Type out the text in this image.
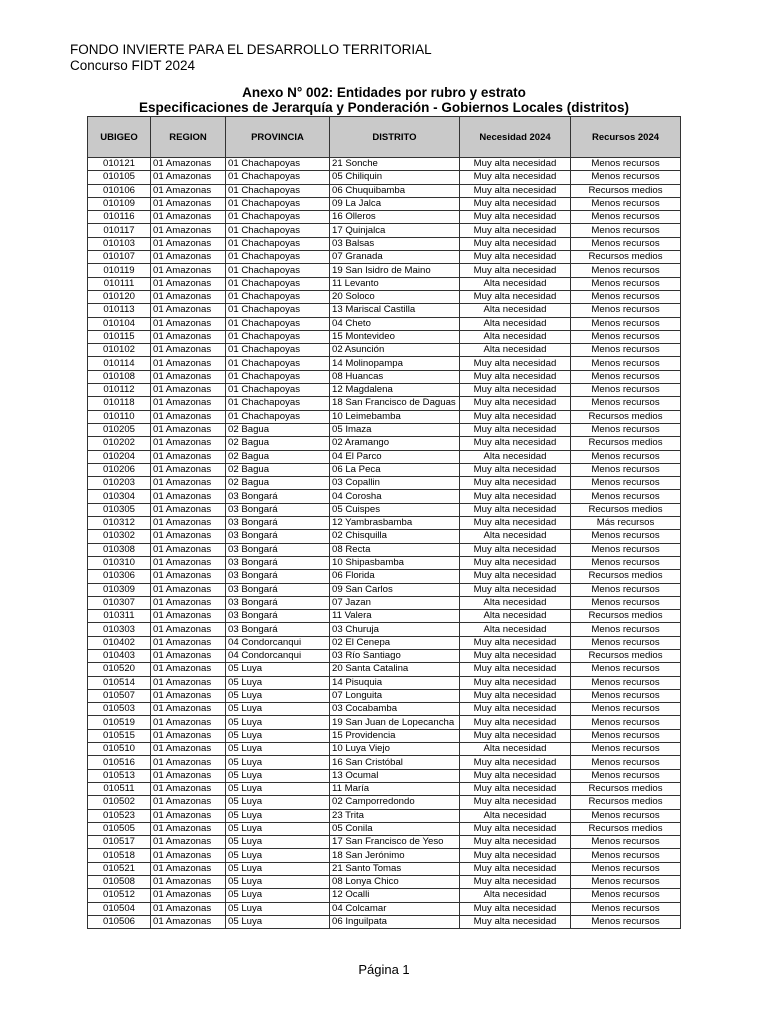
FONDO INVIERTE PARA EL DESARROLLO TERRITORIAL
Concurso FIDT 2024
Anexo N° 002: Entidades por rubro y estrato
Especificaciones de Jerarquía y Ponderación - Gobiernos Locales (distritos)
UBIGEO	REGION	PROVINCIA	DISTRITO	Necesidad 2024	Recursos 2024
010121	01 Amazonas	01 Chachapoyas	21 Sonche	Muy alta necesidad	Menos recursos
010105	01 Amazonas	01 Chachapoyas	05 Chiliquin	Muy alta necesidad	Menos recursos
010106	01 Amazonas	01 Chachapoyas	06 Chuquibamba	Muy alta necesidad	Recursos medios
010109	01 Amazonas	01 Chachapoyas	09 La Jalca	Muy alta necesidad	Menos recursos
010116	01 Amazonas	01 Chachapoyas	16 Olleros	Muy alta necesidad	Menos recursos
010117	01 Amazonas	01 Chachapoyas	17 Quinjalca	Muy alta necesidad	Menos recursos
010103	01 Amazonas	01 Chachapoyas	03 Balsas	Muy alta necesidad	Menos recursos
010107	01 Amazonas	01 Chachapoyas	07 Granada	Muy alta necesidad	Recursos medios
010119	01 Amazonas	01 Chachapoyas	19 San Isidro de Maino	Muy alta necesidad	Menos recursos
010111	01 Amazonas	01 Chachapoyas	11 Levanto	Alta necesidad	Menos recursos
010120	01 Amazonas	01 Chachapoyas	20 Soloco	Muy alta necesidad	Menos recursos
010113	01 Amazonas	01 Chachapoyas	13 Mariscal Castilla	Alta necesidad	Menos recursos
010104	01 Amazonas	01 Chachapoyas	04 Cheto	Alta necesidad	Menos recursos
010115	01 Amazonas	01 Chachapoyas	15 Montevideo	Alta necesidad	Menos recursos
010102	01 Amazonas	01 Chachapoyas	02 Asunción	Alta necesidad	Menos recursos
010114	01 Amazonas	01 Chachapoyas	14 Molinopampa	Muy alta necesidad	Menos recursos
010108	01 Amazonas	01 Chachapoyas	08 Huancas	Muy alta necesidad	Menos recursos
010112	01 Amazonas	01 Chachapoyas	12 Magdalena	Muy alta necesidad	Menos recursos
010118	01 Amazonas	01 Chachapoyas	18 San Francisco de Daguas	Muy alta necesidad	Menos recursos
010110	01 Amazonas	01 Chachapoyas	10 Leimebamba	Muy alta necesidad	Recursos medios
010205	01 Amazonas	02 Bagua	05 Imaza	Muy alta necesidad	Menos recursos
010202	01 Amazonas	02 Bagua	02 Aramango	Muy alta necesidad	Recursos medios
010204	01 Amazonas	02 Bagua	04 El Parco	Alta necesidad	Menos recursos
010206	01 Amazonas	02 Bagua	06 La Peca	Muy alta necesidad	Menos recursos
010203	01 Amazonas	02 Bagua	03 Copallin	Muy alta necesidad	Menos recursos
010304	01 Amazonas	03 Bongará	04 Corosha	Muy alta necesidad	Menos recursos
010305	01 Amazonas	03 Bongará	05 Cuispes	Muy alta necesidad	Recursos medios
010312	01 Amazonas	03 Bongará	12 Yambrasbamba	Muy alta necesidad	Más recursos
010302	01 Amazonas	03 Bongará	02 Chisquilla	Alta necesidad	Menos recursos
010308	01 Amazonas	03 Bongará	08 Recta	Muy alta necesidad	Menos recursos
010310	01 Amazonas	03 Bongará	10 Shipasbamba	Muy alta necesidad	Menos recursos
010306	01 Amazonas	03 Bongará	06 Florida	Muy alta necesidad	Recursos medios
010309	01 Amazonas	03 Bongará	09 San Carlos	Muy alta necesidad	Menos recursos
010307	01 Amazonas	03 Bongará	07 Jazan	Alta necesidad	Menos recursos
010311	01 Amazonas	03 Bongará	11 Valera	Alta necesidad	Recursos medios
010303	01 Amazonas	03 Bongará	03 Churuja	Alta necesidad	Menos recursos
010402	01 Amazonas	04 Condorcanqui	02 El Cenepa	Muy alta necesidad	Menos recursos
010403	01 Amazonas	04 Condorcanqui	03 Río Santiago	Muy alta necesidad	Recursos medios
010520	01 Amazonas	05 Luya	20 Santa Catalina	Muy alta necesidad	Menos recursos
010514	01 Amazonas	05 Luya	14 Pisuquia	Muy alta necesidad	Menos recursos
010507	01 Amazonas	05 Luya	07 Longuita	Muy alta necesidad	Menos recursos
010503	01 Amazonas	05 Luya	03 Cocabamba	Muy alta necesidad	Menos recursos
010519	01 Amazonas	05 Luya	19 San Juan de Lopecancha	Muy alta necesidad	Menos recursos
010515	01 Amazonas	05 Luya	15 Providencia	Muy alta necesidad	Menos recursos
010510	01 Amazonas	05 Luya	10 Luya Viejo	Alta necesidad	Menos recursos
010516	01 Amazonas	05 Luya	16 San Cristóbal	Muy alta necesidad	Menos recursos
010513	01 Amazonas	05 Luya	13 Ocumal	Muy alta necesidad	Menos recursos
010511	01 Amazonas	05 Luya	11 María	Muy alta necesidad	Recursos medios
010502	01 Amazonas	05 Luya	02 Camporredondo	Muy alta necesidad	Recursos medios
010523	01 Amazonas	05 Luya	23 Trita	Alta necesidad	Menos recursos
010505	01 Amazonas	05 Luya	05 Conila	Muy alta necesidad	Recursos medios
010517	01 Amazonas	05 Luya	17 San Francisco de Yeso	Muy alta necesidad	Menos recursos
010518	01 Amazonas	05 Luya	18 San Jerónimo	Muy alta necesidad	Menos recursos
010521	01 Amazonas	05 Luya	21 Santo Tomas	Muy alta necesidad	Menos recursos
010508	01 Amazonas	05 Luya	08 Lonya Chico	Muy alta necesidad	Menos recursos
010512	01 Amazonas	05 Luya	12 Ocalli	Alta necesidad	Menos recursos
010504	01 Amazonas	05 Luya	04 Colcamar	Muy alta necesidad	Menos recursos
010506	01 Amazonas	05 Luya	06 Inguilpata	Muy alta necesidad	Menos recursos
Página 1
